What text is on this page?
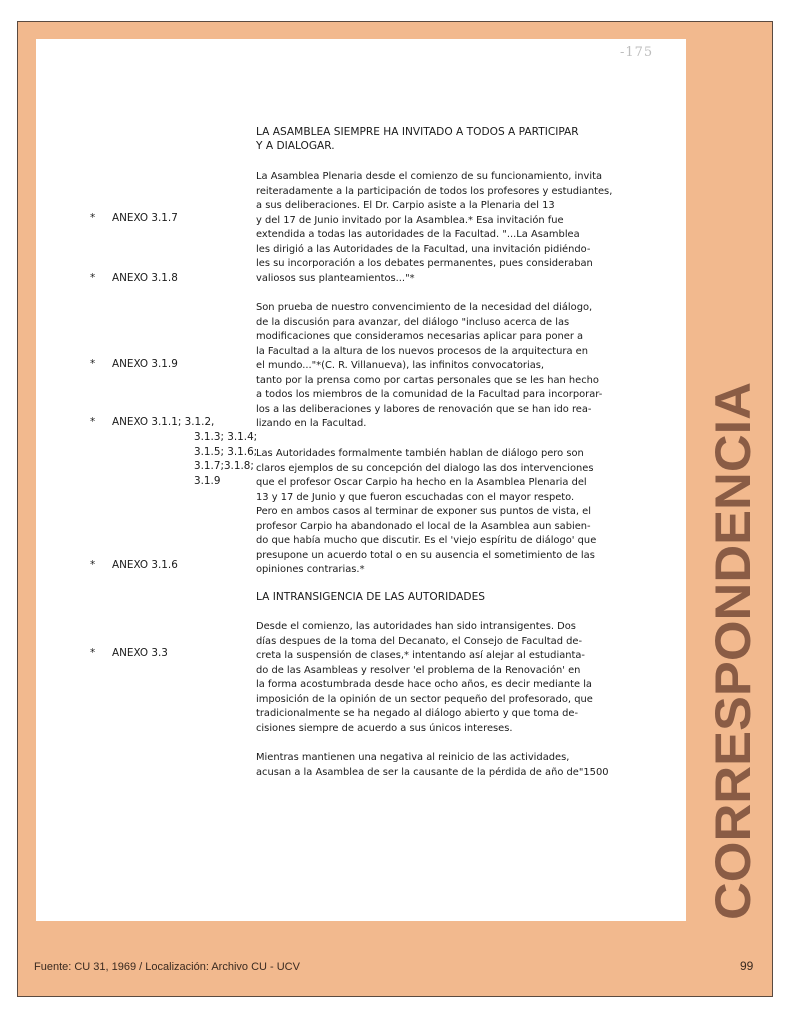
-175
LA ASAMBLEA SIEMPRE HA INVITADO A TODOS A PARTICIPAR
Y A DIALOGAR.
La Asamblea Plenaria desde el comienzo de su funcionamiento, invita
reiteradamente a la participación de todos los profesores y estudiantes,
a sus deliberaciones. El Dr. Carpio asiste a la Plenaria del 13
y del 17 de Junio invitado por la Asamblea.* Esa invitación fue
extendida a todas las autoridades de la Facultad. "...La Asamblea
les dirigió a las Autoridades de la Facultad, una invitación pidiéndo-
les su incorporación a los debates permanentes, pues consideraban
valiosos sus planteamientos..."*
Son prueba de nuestro convencimiento de la necesidad del diálogo,
de la discusión para avanzar, del diálogo "incluso acerca de las
modificaciones que consideramos necesarias aplicar para poner a
la Facultad a la altura de los nuevos procesos de la arquitectura en
el mundo..."*(C. R. Villanueva), las infinitos convocatorias,
tanto por la prensa como por cartas personales que se les han hecho
a todos los miembros de la comunidad de la Facultad para incorporar-
los a las deliberaciones y labores de renovación que se han ido rea-
lizando en la Facultad.
Las Autoridades formalmente también hablan de diálogo pero son
claros ejemplos de su concepción del dialogo las dos intervenciones
que el profesor Oscar Carpio ha hecho en la Asamblea Plenaria del
13 y 17 de Junio y que fueron escuchadas con el mayor respeto.
Pero en ambos casos al terminar de exponer sus puntos de vista, el
profesor Carpio ha abandonado el local de la Asamblea aun sabien-
do que había mucho que discutir. Es el 'viejo espíritu de diálogo' que
presupone un acuerdo total o en su ausencia el sometimiento de las
opiniones contrarias.*
LA INTRANSIGENCIA DE LAS AUTORIDADES
Desde el comienzo, las autoridades han sido intransigentes. Dos
días despues de la toma del Decanato, el Consejo de Facultad de-
creta la suspensión de clases,* intentando así alejar al estudianta-
do de las Asambleas y resolver 'el problema de la Renovación' en
la forma acostumbrada desde hace ocho años, es decir mediante la
imposición de la opinión de un sector pequeño del profesorado, que
tradicionalmente se ha negado al diálogo abierto y que toma de-
cisiones siempre de acuerdo a sus únicos intereses.
Mientras mantienen una negativa al reinicio de las actividades,
acusan a la Asamblea de ser la causante de la pérdida de año de"1500
* ANEXO 3.1.7
* ANEXO 3.1.8
* ANEXO 3.1.9
* ANEXO 3.1.1; 3.1.2,
3.1.3; 3.1.4;
3.1.5; 3.1.6;
3.1.7;3.1.8;
3.1.9
* ANEXO 3.1.6
* ANEXO 3.3	CORRESPONDENCIA
Fuente: CU 31, 1969 / Localización: Archivo CU - UCV	99
